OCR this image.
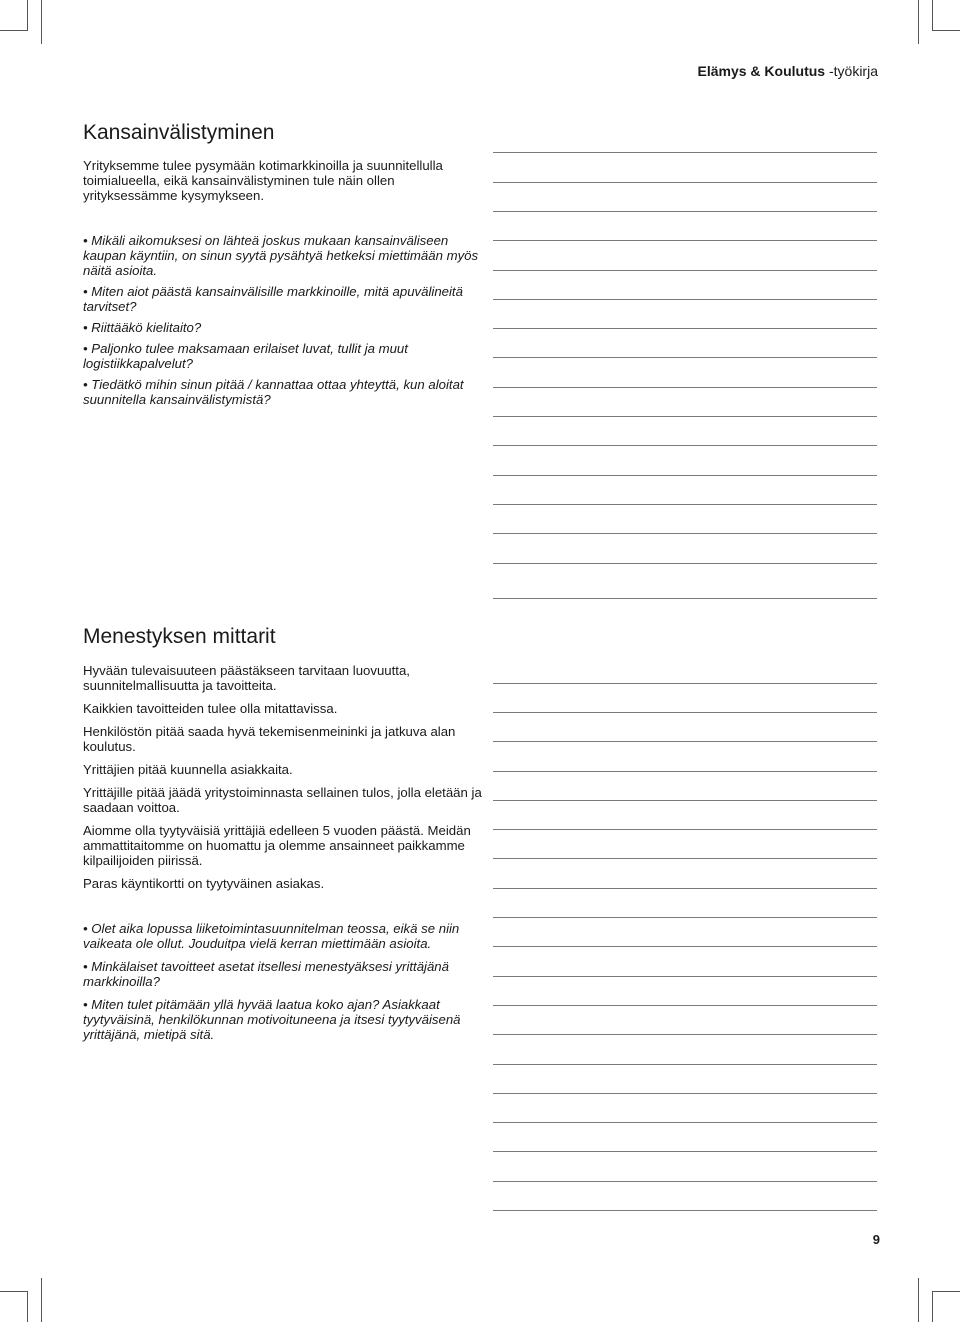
Elämys & Koulutus -työkirja
Kansainvälistyminen

Yrityksemme tulee pysymään kotimarkkinoilla ja suunnitellulla toimialueella, eikä kansainvälistyminen tule näin ollen yrityksessämme kysymykseen.

• Mikäli aikomuksesi on lähteä joskus mukaan kansainväliseen kaupan käyntiin, on sinun syytä pysähtyä hetkeksi miettimään myös näitä asioita.

• Miten aiot päästä kansainvälisille markkinoille, mitä apuvälineitä tarvitset?

• Riittääkö kielitaito?

• Paljonko tulee maksamaan erilaiset luvat, tullit ja muut logistiikkapalvelut?

• Tiedätkö mihin sinun pitää / kannattaa ottaa yhteyttä, kun aloitat suunnitella kansainvälistymistä?

Menestyksen mittarit

Hyvään tulevaisuuteen päästäkseen tarvitaan luovuutta, suunnitelmallisuutta ja tavoitteita.

Kaikkien tavoitteiden tulee olla mitattavissa.

Henkilöstön pitää saada hyvä tekemisenmeininki ja jatkuva alan koulutus.

Yrittäjien pitää kuunnella asiakkaita.

Yrittäjille pitää jäädä yritystoiminnasta sellainen tulos, jolla eletään ja saadaan voittoa.

Aiomme olla tyytyväisiä yrittäjiä edelleen 5 vuoden päästä. Meidän ammattitaitomme on huomattu ja olemme ansainneet paikkamme kilpailijoiden piirissä.

Paras käyntikortti on tyytyväinen asiakas.

• Olet aika lopussa liiketoimintasuunnitelman teossa, eikä se niin vaikeata ole ollut. Jouduitpa vielä kerran miettimään asioita.

• Minkälaiset tavoitteet asetat itsellesi menestyäksesi yrittäjänä markkinoilla?

• Miten tulet pitämään yllä hyvää laatua koko ajan? Asiakkaat tyytyväisinä, henkilökunnan motivoituneena ja itsesi tyytyväisenä yrittäjänä, mietipä sitä.

9
